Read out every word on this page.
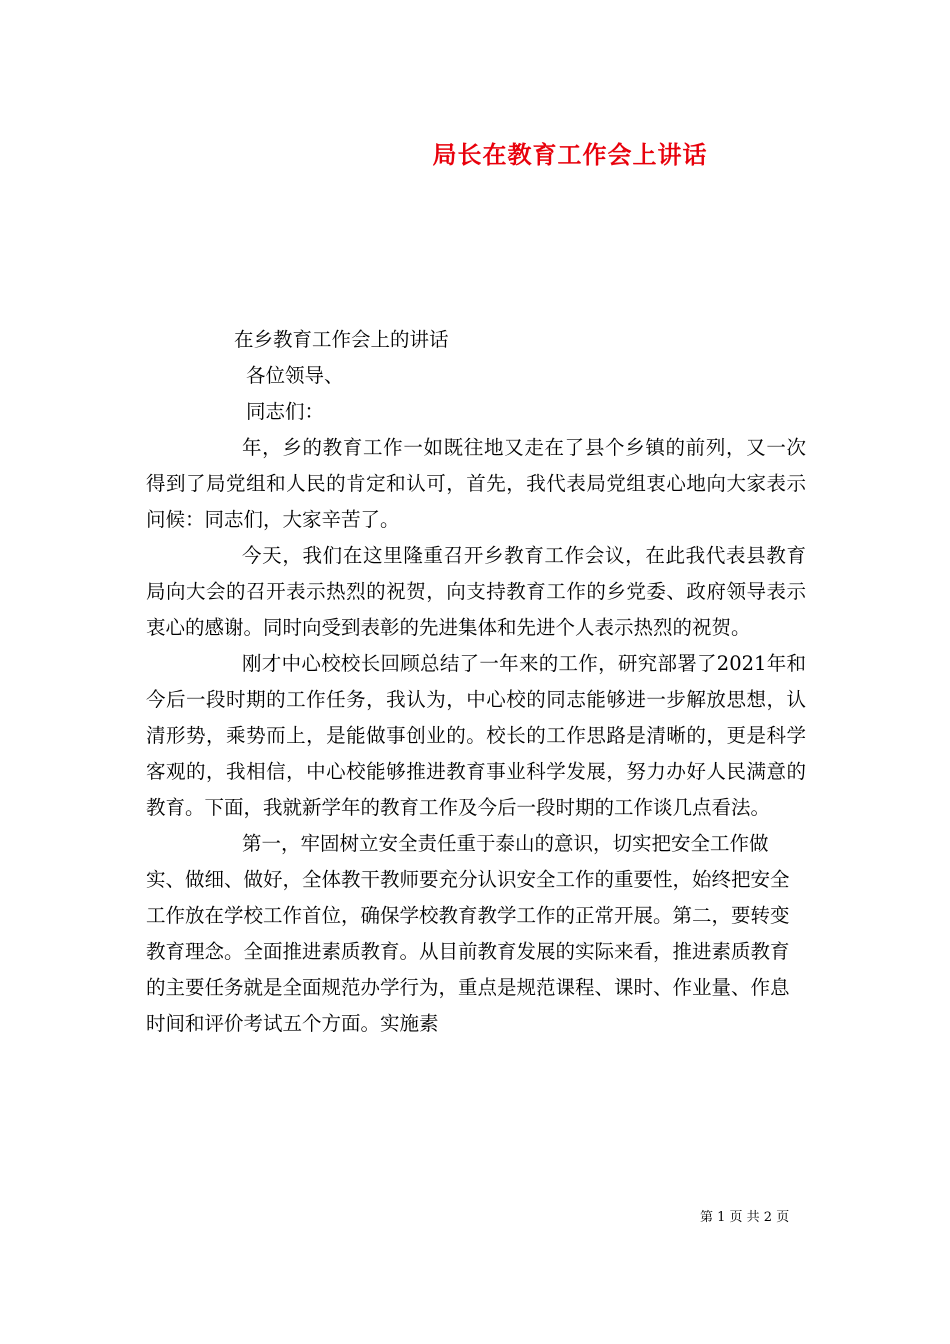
局长在教育工作会上讲话
在乡教育工作会上的讲话
各位领导、
同志们：

年，乡的教育工作一如既往地又走在了县个乡镇的前列，又一次得到了局党组和人民的肯定和认可，首先，我代表局党组衷心地向大家表示问候：同志们，大家辛苦了。

今天，我们在这里隆重召开乡教育工作会议，在此我代表县教育局向大会的召开表示热烈的祝贺，向支持教育工作的乡党委、政府领导表示衷心的感谢。同时向受到表彰的先进集体和先进个人表示热烈的祝贺。

刚才中心校校长回顾总结了一年来的工作，研究部署了2021年和今后一段时期的工作任务，我认为，中心校的同志能够进一步解放思想，认清形势，乘势而上，是能做事创业的。校长的工作思路是清晰的，更是科学客观的，我相信，中心校能够推进教育事业科学发展，努力办好人民满意的教育。下面，我就新学年的教育工作及今后一段时期的工作谈几点看法。

第一，牢固树立安全责任重于泰山的意识，切实把安全工作做实、做细、做好，全体教干教师要充分认识安全工作的重要性，始终把安全工作放在学校工作首位，确保学校教育教学工作的正常开展。第二，要转变教育理念。全面推进素质教育。从目前教育发展的实际来看，推进素质教育的主要任务就是全面规范办学行为，重点是规范课程、课时、作业量、作息时间和评价考试五个方面。实施素

第 1 页 共 2 页
